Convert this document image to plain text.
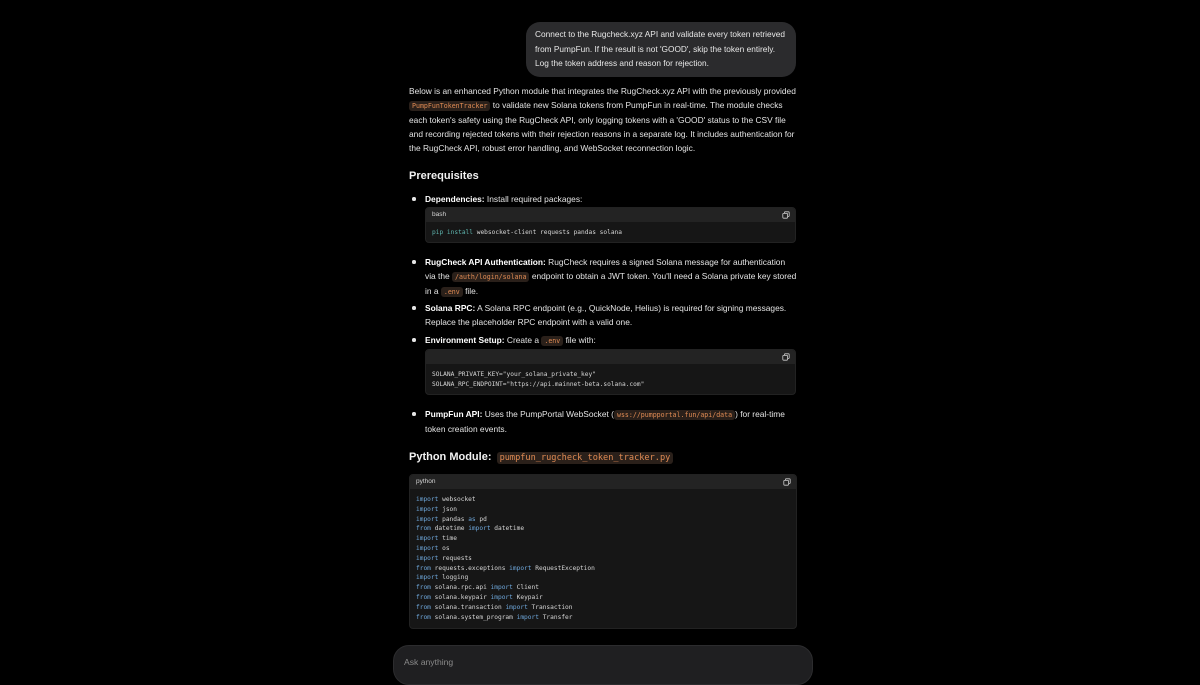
Connect to the Rugcheck.xyz API and validate every token retrieved from PumpFun. If the result is not 'GOOD', skip the token entirely. Log the token address and reason for rejection.

Below is an enhanced Python module that integrates the RugCheck.xyz API with the previously provided PumpFunTokenTracker to validate new Solana tokens from PumpFun in real-time. The module checks each token's safety using the RugCheck API, only logging tokens with a 'GOOD' status to the CSV file and recording rejected tokens with their rejection reasons in a separate log. It includes authentication for the RugCheck API, robust error handling, and WebSocket reconnection logic.

Prerequisites
Dependencies: Install required packages:
RugCheck API Authentication: RugCheck requires a signed Solana message for authentication via the /auth/login/solana endpoint to obtain a JWT token. You'll need a Solana private key stored in a .env file.
Solana RPC: A Solana RPC endpoint (e.g., QuickNode, Helius) is required for signing messages. Replace the placeholder RPC endpoint with a valid one.
Environment Setup: Create a .env file with:
PumpFun API: Uses the PumpPortal WebSocket ( wss://pumpportal.fun/api/data ) for real-time token creation events.
bash
pip install websocket-client requests pandas solana
SOLANA_PRIVATE_KEY="your_solana_private_key"
SOLANA_RPC_ENDPOINT="https://api.mainnet-beta.solana.com"
Python Module: pumpfun_rugcheck_token_tracker.py
python
import websocket
import json
import pandas as pd
from datetime import datetime
import time
import os
import requests
from requests.exceptions import RequestException
import logging
from solana.rpc.api import Client
from solana.keypair import Keypair
from solana.transaction import Transaction
from solana.system_program import Transfer
Ask anything
